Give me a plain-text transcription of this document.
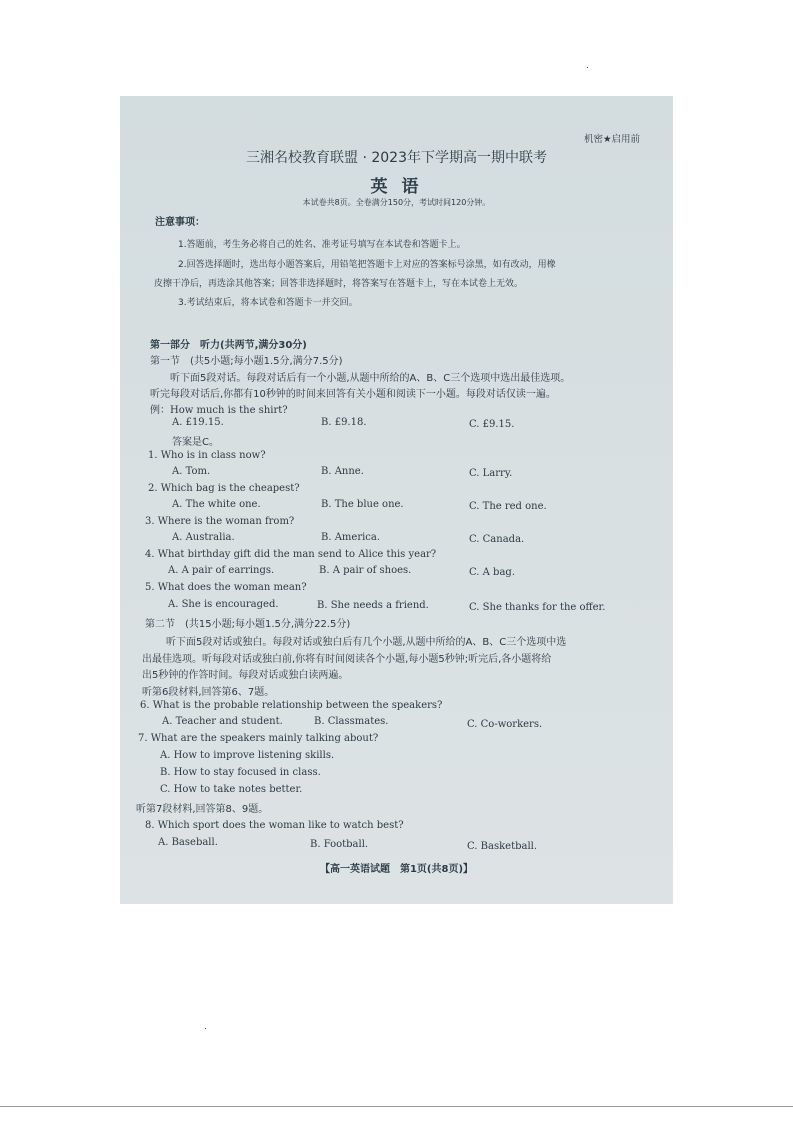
机密★启用前
三湘名校教育联盟 · 2023年下学期高一期中联考
英 语
本试卷共8页。全卷满分150分，考试时间120分钟。
注意事项：
1.答题前，考生务必将自己的姓名、准考证号填写在本试卷和答题卡上。
2.回答选择题时，选出每小题答案后，用铅笔把答题卡上对应的答案标号涂黑，如有改动，用橡
皮擦干净后，再选涂其他答案；回答非选择题时，将答案写在答题卡上，写在本试卷上无效。
3.考试结束后，将本试卷和答题卡一并交回。
第一部分　听力(共两节,满分30分)
第一节　(共5小题;每小题1.5分,满分7.5分)
听下面5段对话。每段对话后有一个小题,从题中所给的A、B、C三个选项中选出最佳选项。
听完每段对话后,你都有10秒钟的时间来回答有关小题和阅读下一小题。每段对话仅读一遍。
例：How much is the shirt?
A. £19.15.	B. £9.18.	C. £9.15.
答案是C。
1. Who is in class now?
A. Tom.	B. Anne.	C. Larry.
2. Which bag is the cheapest?
A. The white one.	B. The blue one.	C. The red one.
3. Where is the woman from?
A. Australia.	B. America.	C. Canada.
4. What birthday gift did the man send to Alice this year?
A. A pair of earrings.	B. A pair of shoes.	C. A bag.
5. What does the woman mean?
A. She is encouraged.	B. She needs a friend.	C. She thanks for the offer.
第二节　(共15小题;每小题1.5分,满分22.5分)
听下面5段对话或独白。每段对话或独白后有几个小题,从题中所给的A、B、C三个选项中选
出最佳选项。听每段对话或独白前,你将有时间阅读各个小题,每小题5秒钟;听完后,各小题将给
出5秒钟的作答时间。每段对话或独白读两遍。
听第6段材料,回答第6、7题。
6. What is the probable relationship between the speakers?
A. Teacher and student.	B. Classmates.	C. Co-workers.
7. What are the speakers mainly talking about?
A. How to improve listening skills.
B. How to stay focused in class.
C. How to take notes better.
听第7段材料,回答第8、9题。
8. Which sport does the woman like to watch best?
A. Baseball.	B. Football.	C. Basketball.
【高一英语试题　第1页(共8页)】
